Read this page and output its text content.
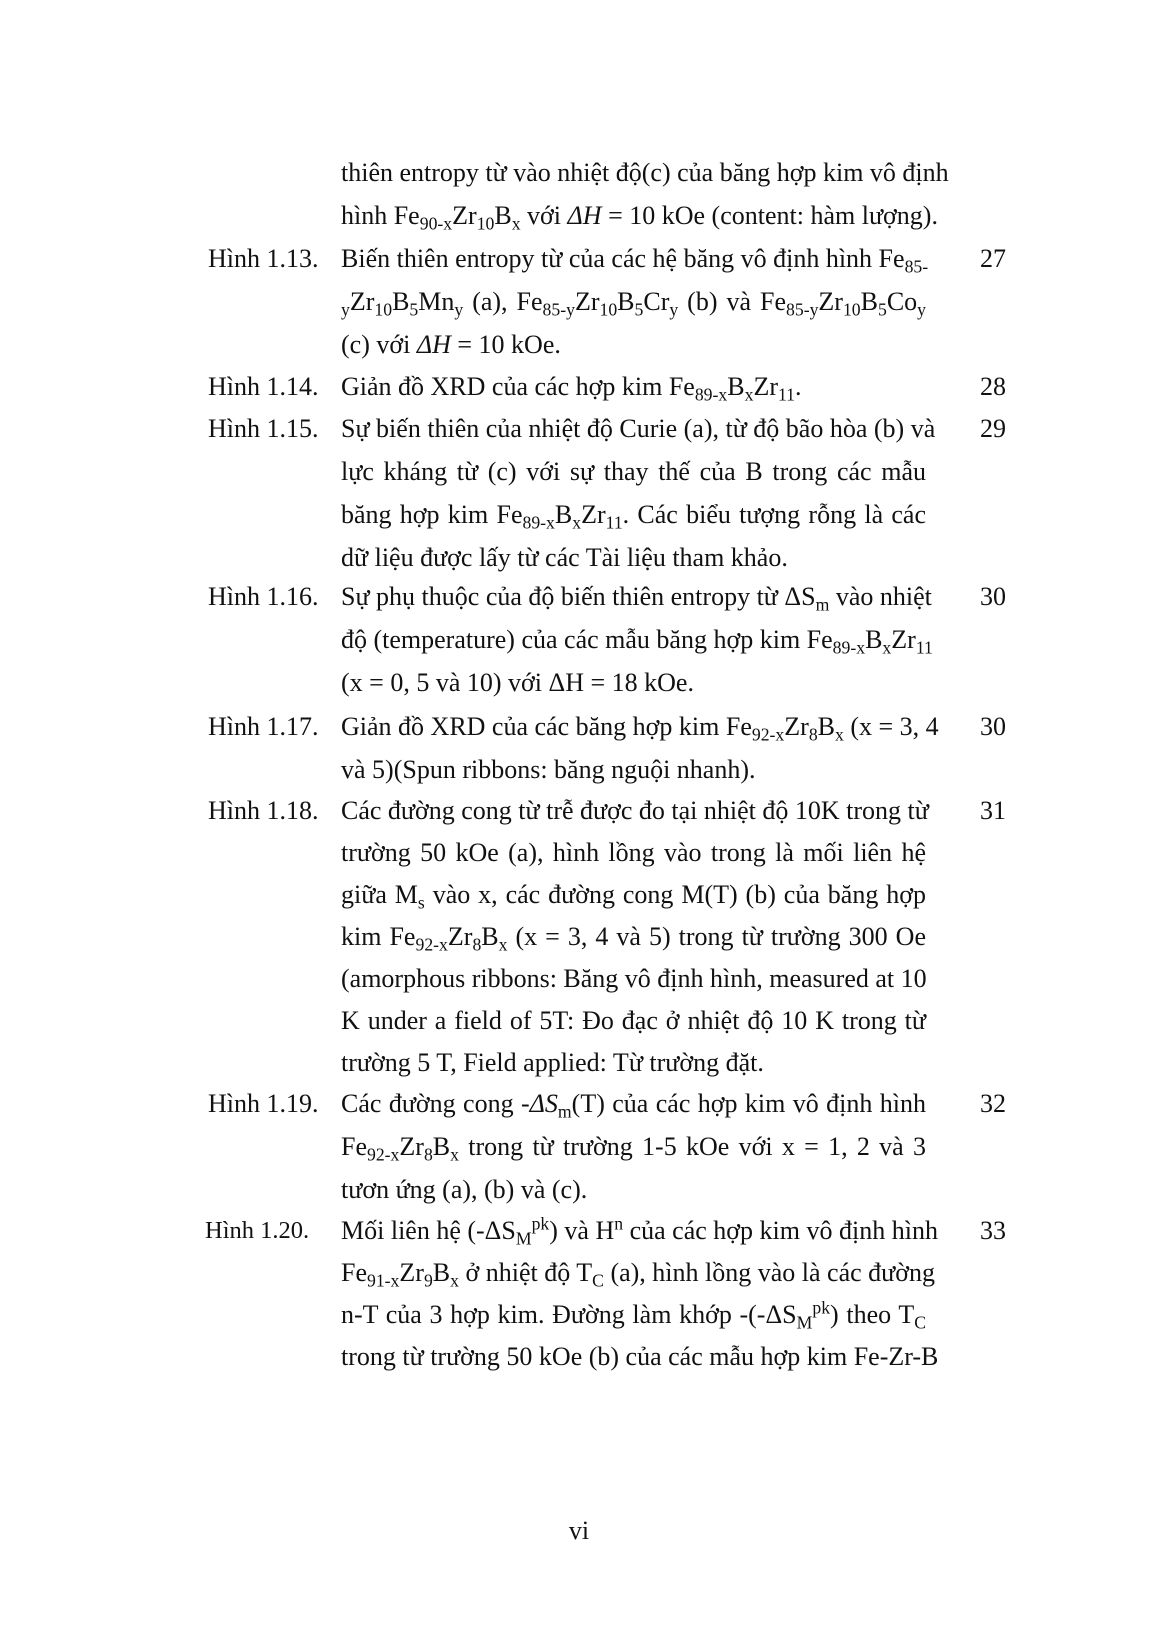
thiên entropy từ vào nhiệt độ(c) của băng hợp kim vô định
hình $Fe_{90-x}Zr_{10}B_x$ với ΔH = 10 kOe (content: hàm lượng).
Hình 1.13. Biến thiên entropy từ của các hệ băng vô định hình $Fe_{85-}$
$_yZr_{10}B_5Mn_y$ (a), $Fe_{85-y}Zr_{10}B_5Cr_y$ (b) và $Fe_{85-y}Zr_{10}B_5Co_y$
(c) với ΔH = 10 kOe.
27
Hình 1.14. Giản đồ XRD của các hợp kim $Fe_{89-x}B_xZr_{11}$.	28
Hình 1.15. Sự biến thiên của nhiệt độ Curie (a), từ độ bão hòa (b) và
lực kháng từ (c) với sự thay thế của B trong các mẫu
băng hợp kim $Fe_{89-x}B_xZr_{11}$. Các biểu tượng rỗng là các
dữ liệu được lấy từ các Tài liệu tham khảo.
29
Hình 1.16. Sự phụ thuộc của độ biến thiên entropy từ $\Delta S_m$ vào nhiệt
độ (temperature) của các mẫu băng hợp kim $Fe_{89-x}B_xZr_{11}$
(x = 0, 5 và 10) với ΔH = 18 kOe.
30
Hình 1.17. Giản đồ XRD của các băng hợp kim $Fe_{92-x}Zr_8B_x$ (x = 3, 4
và 5)(Spun ribbons: băng nguội nhanh).
30
Hình 1.18. Các đường cong từ trễ được đo tại nhiệt độ 10K trong từ
trường 50 kOe (a), hình lồng vào trong là mối liên hệ
giữa $M_s$ vào x, các đường cong M(T) (b) của băng hợp
kim $Fe_{92-x}Zr_8B_x$ (x = 3, 4 và 5) trong từ trường 300 Oe
(amorphous ribbons: Băng vô định hình, measured at 10
K under a field of 5T: Đo đạc ở nhiệt độ 10 K trong từ
trường 5 T, Field applied: Từ trường đặt.
31
Hình 1.19. Các đường cong $-\Delta S_m(T)$ của các hợp kim vô định hình
$Fe_{92-x}Zr_8B_x$ trong từ trường 1-5 kOe với x = 1, 2 và 3
tươn ứng (a), (b) và (c).
32
Hình 1.20. Mối liên hệ $(-\Delta S_M^{pk})$ và $H^n$ của các hợp kim vô định hình
$Fe_{91-x}Zr_9B_x$ ở nhiệt độ $T_C$ (a), hình lồng vào là các đường
n-T của 3 hợp kim. Đường làm khớp $-(-\Delta S_M^{pk})$ theo $T_C$
trong từ trường 50 kOe (b) của các mẫu hợp kim Fe-Zr-B
33
vi
